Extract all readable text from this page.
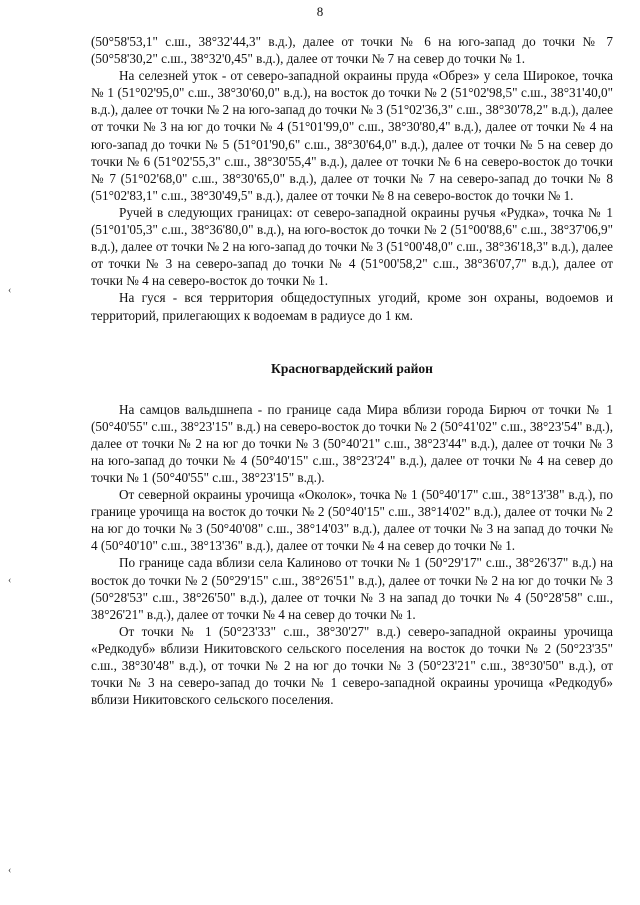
8
‹
‹
‹

(50°58'53,1" с.ш., 38°32'44,3" в.д.), далее от точки № 6 на юго-запад до точки № 7 (50°58'30,2" с.ш., 38°32'0,45" в.д.), далее от точки № 7 на север до точки № 1.

На селезней уток - от северо-западной окраины пруда «Обрез» у села Широкое, точка № 1 (51°02'95,0" с.ш., 38°30'60,0" в.д.), на восток до точки № 2 (51°02'98,5" с.ш., 38°31'40,0" в.д.), далее от точки № 2 на юго-запад до точки № 3 (51°02'36,3" с.ш., 38°30'78,2" в.д.), далее от точки № 3 на юг до точки № 4 (51°01'99,0" с.ш., 38°30'80,4" в.д.), далее от точки № 4 на юго-запад до точки № 5 (51°01'90,6" с.ш., 38°30'64,0" в.д.), далее от точки № 5 на север до точки № 6 (51°02'55,3" с.ш., 38°30'55,4" в.д.), далее от точки № 6 на северо-восток до точки № 7 (51°02'68,0" с.ш., 38°30'65,0" в.д.), далее от точки № 7 на северо-запад до точки № 8 (51°02'83,1" с.ш., 38°30'49,5" в.д.), далее от точки № 8 на северо-восток до точки № 1.

Ручей в следующих границах: от северо-западной окраины ручья «Рудка», точка № 1 (51°01'05,3" с.ш., 38°36'80,0" в.д.), на юго-восток до точки № 2 (51°00'88,6" с.ш., 38°37'06,9" в.д.), далее от точки № 2 на юго-запад до точки № 3 (51°00'48,0" с.ш., 38°36'18,3" в.д.), далее от точки № 3 на северо-запад до точки № 4 (51°00'58,2" с.ш., 38°36'07,7" в.д.), далее от точки № 4 на северо-восток до точки № 1.

На гуся - вся территория общедоступных угодий, кроме зон охраны, водоемов и территорий, прилегающих к водоемам в радиусе до 1 км.

Красногвардейский район

На самцов вальдшнепа - по границе сада Мира вблизи города Бирюч от точки № 1 (50°40'55" с.ш., 38°23'15" в.д.) на северо-восток до точки № 2 (50°41'02" с.ш., 38°23'54" в.д.), далее от точки № 2 на юг до точки № 3 (50°40'21" с.ш., 38°23'44" в.д.), далее от точки № 3 на юго-запад до точки № 4 (50°40'15" с.ш., 38°23'24" в.д.), далее от точки № 4 на север до точки № 1 (50°40'55" с.ш., 38°23'15" в.д.).

От северной окраины урочища «Околок», точка № 1 (50°40'17" с.ш., 38°13'38" в.д.), по границе урочища на восток до точки № 2 (50°40'15" с.ш., 38°14'02" в.д.), далее от точки № 2 на юг до точки № 3 (50°40'08" с.ш., 38°14'03" в.д.), далее от точки № 3 на запад до точки № 4 (50°40'10" с.ш., 38°13'36" в.д.), далее от точки № 4 на север до точки № 1.

По границе сада вблизи села Калиново от точки № 1 (50°29'17" с.ш., 38°26'37" в.д.) на восток до точки № 2 (50°29'15" с.ш., 38°26'51" в.д.), далее от точки № 2 на юг до точки № 3 (50°28'53" с.ш., 38°26'50" в.д.), далее от точки № 3 на запад до точки № 4 (50°28'58" с.ш., 38°26'21" в.д.), далее от точки № 4 на север до точки № 1.

От точки № 1 (50°23'33" с.ш., 38°30'27" в.д.) северо-западной окраины урочища «Редкодуб» вблизи Никитовского сельского поселения на восток до точки № 2 (50°23'35" с.ш., 38°30'48" в.д.), от точки № 2 на юг до точки № 3 (50°23'21" с.ш., 38°30'50" в.д.), от точки № 3 на северо-запад до точки № 1 северо-западной окраины урочища «Редкодуб» вблизи Никитовского сельского поселения.
